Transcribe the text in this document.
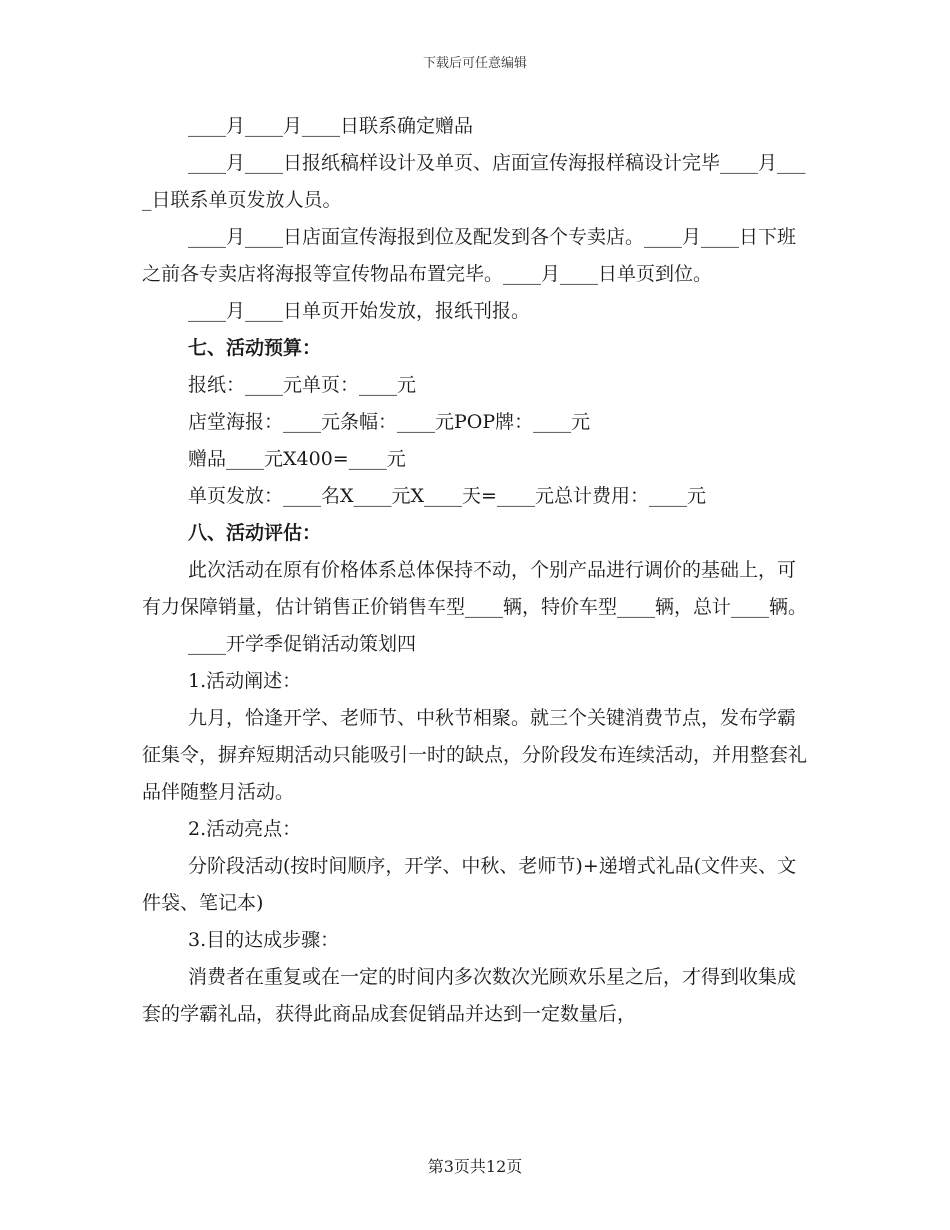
下载后可任意编辑

____月____月____日联系确定赠品

____月____日报纸稿样设计及单页、店面宣传海报样稿设计完毕____月____日联系单页发放人员。

____月____日店面宣传海报到位及配发到各个专卖店。____月____日下班之前各专卖店将海报等宣传物品布置完毕。____月____日单页到位。

____月____日单页开始发放，报纸刊报。

七、活动预算：

报纸：____元单页：____元

店堂海报：____元条幅：____元POP牌：____元

赠品____元X400=____元

单页发放：____名X____元X____天=____元总计费用：____元

八、活动评估：

此次活动在原有价格体系总体保持不动，个别产品进行调价的基础上，可有力保障销量，估计销售正价销售车型____辆，特价车型____辆，总计____辆。

____开学季促销活动策划四

1.活动阐述：

九月，恰逢开学、老师节、中秋节相聚。就三个关键消费节点，发布学霸征集令，摒弃短期活动只能吸引一时的缺点，分阶段发布连续活动，并用整套礼品伴随整月活动。

2.活动亮点：

分阶段活动(按时间顺序，开学、中秋、老师节)+递增式礼品(文件夹、文件袋、笔记本)

3.目的达成步骤：

消费者在重复或在一定的时间内多次数次光顾欢乐星之后，才得到收集成套的学霸礼品，获得此商品成套促销品并达到一定数量后，

第3页共12页
